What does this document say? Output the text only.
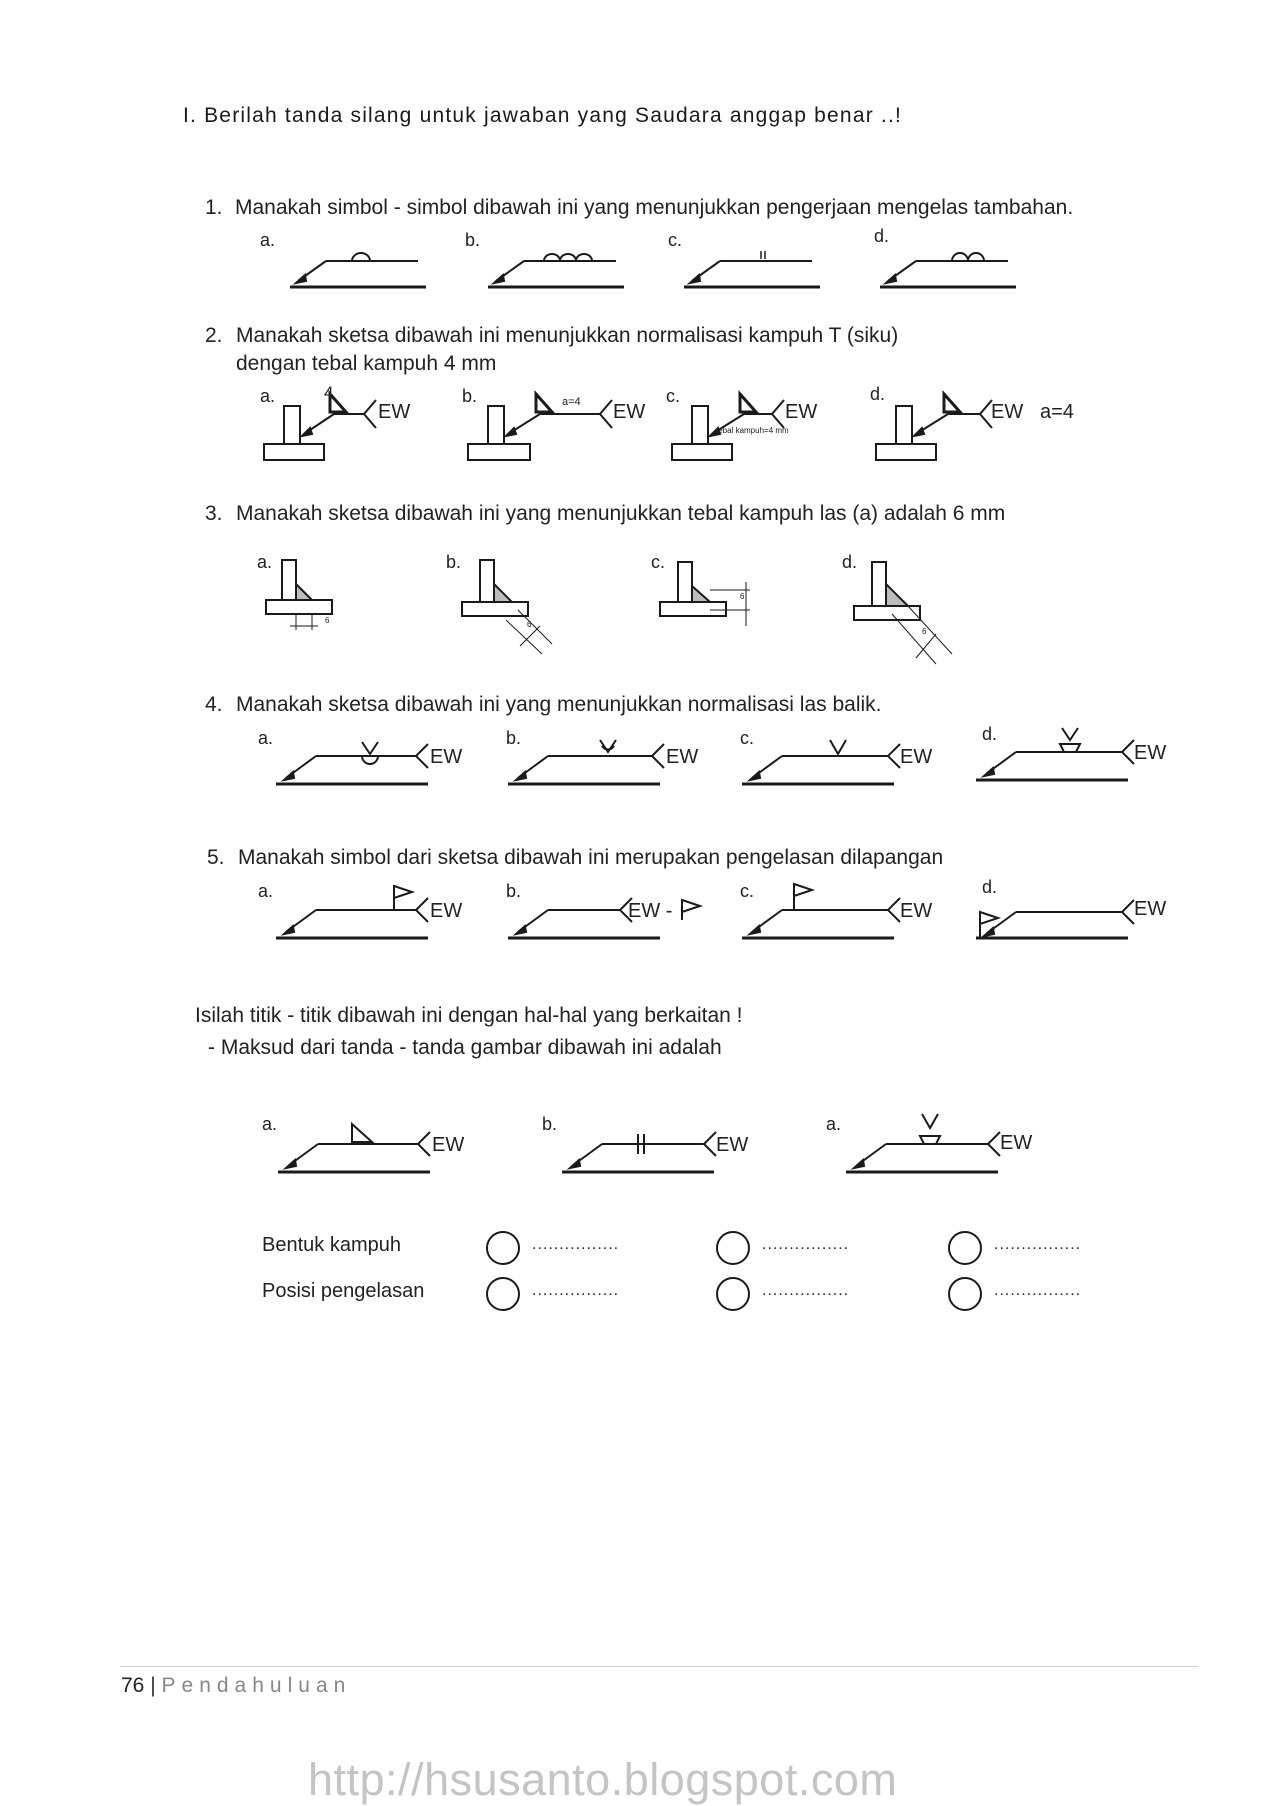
I. Berilah tanda silang untuk jawaban yang Saudara anggap benar ..!
1. Manakah simbol - simbol dibawah ini yang menunjukkan pengerjaan mengelas tambahan.
a.	b.	c.	d.
2. Manakah sketsa dibawah ini menunjukkan normalisasi kampuh T (siku)
dengan tebal kampuh 4 mm
a.	b.	c.	d.
4
EW	a=4 EW
tebal kampuh=4 mm
EW	EW a=4
3. Manakah sketsa dibawah ini yang menunjukkan tebal kampuh las (a) adalah 6 mm
a.	b.	c.	d.
6	6
6
6
4. Manakah sketsa dibawah ini yang menunjukkan normalisasi las balik.
a.	b.	c.	d.
EW	EW	EW	EW
5. Manakah simbol dari sketsa dibawah ini merupakan pengelasan dilapangan
a.	b.	c.	d.
EW	EW -	EW	EW
Isilah titik - titik dibawah ini dengan hal-hal yang berkaitan !
- Maksud dari tanda - tanda gambar dibawah ini adalah
a.	b.	a.
EW	EW	EW
Bentuk kampuh	................	................	................
Posisi pengelasan	................	................	................
76 | Pendahuluan
http://hsusanto.blogspot.com
